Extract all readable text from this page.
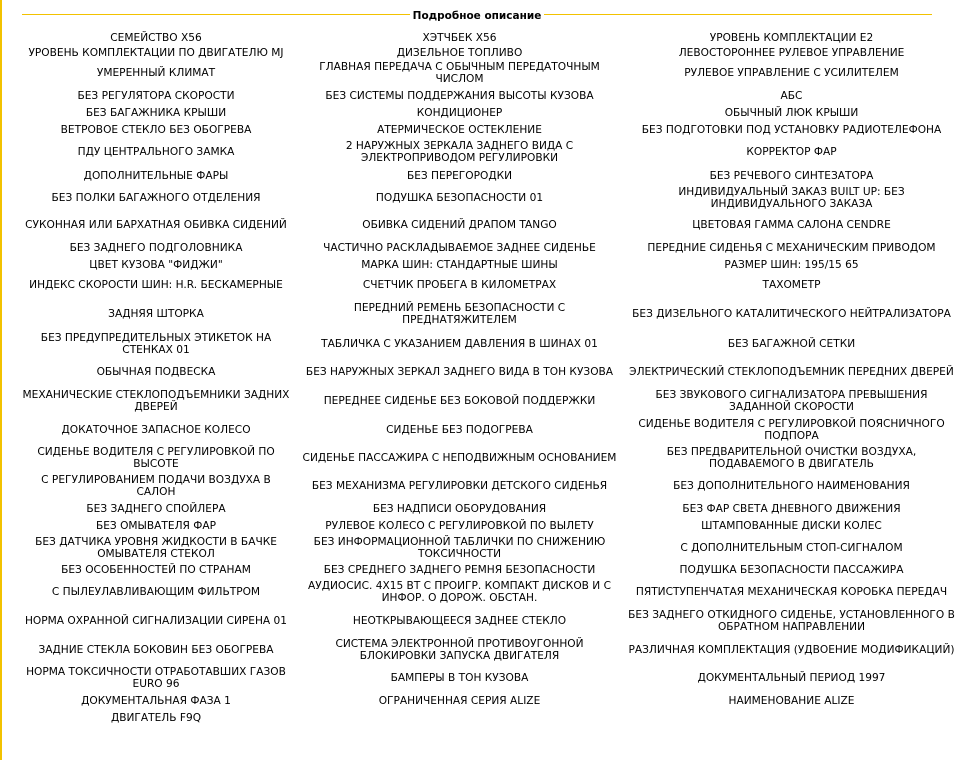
Подробное описание
СЕМЕЙСТВО X56	ХЭТЧБЕК X56	УРОВЕНЬ КОМПЛЕКТАЦИИ E2
УРОВЕНЬ КОМПЛЕКТАЦИИ ПО ДВИГАТЕЛЮ MJ	ДИЗЕЛЬНОЕ ТОПЛИВО	ЛЕВОСТОРОННЕЕ РУЛЕВОЕ УПРАВЛЕНИЕ
УМЕРЕННЫЙ КЛИМАТ	ГЛАВНАЯ ПЕРЕДАЧА С ОБЫЧНЫМ ПЕРЕДАТОЧНЫМ ЧИСЛОМ	РУЛЕВОЕ УПРАВЛЕНИЕ С УСИЛИТЕЛЕМ
БЕЗ РЕГУЛЯТОРА СКОРОСТИ	БЕЗ СИСТЕМЫ ПОДДЕРЖАНИЯ ВЫСОТЫ КУЗОВА	АБС
БЕЗ БАГАЖНИКА КРЫШИ	КОНДИЦИОНЕР	ОБЫЧНЫЙ ЛЮК КРЫШИ
ВЕТРОВОЕ СТЕКЛО БЕЗ ОБОГРЕВА	АТЕРМИЧЕСКОЕ ОСТЕКЛЕНИЕ	БЕЗ ПОДГОТОВКИ ПОД УСТАНОВКУ РАДИОТЕЛЕФОНА
ПДУ ЦЕНТРАЛЬНОГО ЗАМКА	2 НАРУЖНЫХ ЗЕРКАЛА ЗАДНЕГО ВИДА С ЭЛЕКТРОПРИВОДОМ РЕГУЛИРОВКИ	КОРРЕКТОР ФАР
ДОПОЛНИТЕЛЬНЫЕ ФАРЫ	БЕЗ ПЕРЕГОРОДКИ	БЕЗ РЕЧЕВОГО СИНТЕЗАТОРА
БЕЗ ПОЛКИ БАГАЖНОГО ОТДЕЛЕНИЯ	ПОДУШКА БЕЗОПАСНОСТИ 01	ИНДИВИДУАЛЬНЫЙ ЗАКАЗ BUILT UP: БЕЗ ИНДИВИДУАЛЬНОГО ЗАКАЗА
СУКОННАЯ ИЛИ БАРХАТНАЯ ОБИВКА СИДЕНИЙ	ОБИВКА СИДЕНИЙ ДРАПОМ TANGO	ЦВЕТОВАЯ ГАММА САЛОНА CENDRE
БЕЗ ЗАДНЕГО ПОДГОЛОВНИКА	ЧАСТИЧНО РАСКЛАДЫВАЕМОЕ ЗАДНЕЕ СИДЕНЬЕ	ПЕРЕДНИЕ СИДЕНЬЯ С МЕХАНИЧЕСКИМ ПРИВОДОМ
ЦВЕТ КУЗОВА "ФИДЖИ"	МАРКА ШИН: СТАНДАРТНЫЕ ШИНЫ	РАЗМЕР ШИН: 195/15 65
ИНДЕКС СКОРОСТИ ШИН: H.R. БЕСКАМЕРНЫЕ	СЧЕТЧИК ПРОБЕГА В КИЛОМЕТРАХ	ТАХОМЕТР
ЗАДНЯЯ ШТОРКА	ПЕРЕДНИЙ РЕМЕНЬ БЕЗОПАСНОСТИ С ПРЕДНАТЯЖИТЕЛЕМ	БЕЗ ДИЗЕЛЬНОГО КАТАЛИТИЧЕСКОГО НЕЙТРАЛИЗАТОРА
БЕЗ ПРЕДУПРЕДИТЕЛЬНЫХ ЭТИКЕТОК НА СТЕНКАХ 01	ТАБЛИЧКА С УКАЗАНИЕМ ДАВЛЕНИЯ В ШИНАХ 01	БЕЗ БАГАЖНОЙ СЕТКИ
ОБЫЧНАЯ ПОДВЕСКА	БЕЗ НАРУЖНЫХ ЗЕРКАЛ ЗАДНЕГО ВИДА В ТОН КУЗОВА	ЭЛЕКТРИЧЕСКИЙ СТЕКЛОПОДЪЕМНИК ПЕРЕДНИХ ДВЕРЕЙ
МЕХАНИЧЕСКИЕ СТЕКЛОПОДЪЕМНИКИ ЗАДНИХ ДВЕРЕЙ	ПЕРЕДНЕЕ СИДЕНЬЕ БЕЗ БОКОВОЙ ПОДДЕРЖКИ	БЕЗ ЗВУКОВОГО СИГНАЛИЗАТОРА ПРЕВЫШЕНИЯ ЗАДАННОЙ СКОРОСТИ
ДОКАТОЧНОЕ ЗАПАСНОЕ КОЛЕСО	СИДЕНЬЕ БЕЗ ПОДОГРЕВА	СИДЕНЬЕ ВОДИТЕЛЯ С РЕГУЛИРОВКОЙ ПОЯСНИЧНОГО ПОДПОРА
СИДЕНЬЕ ВОДИТЕЛЯ С РЕГУЛИРОВКОЙ ПО ВЫСОТЕ	СИДЕНЬЕ ПАССАЖИРА С НЕПОДВИЖНЫМ ОСНОВАНИЕМ	БЕЗ ПРЕДВАРИТЕЛЬНОЙ ОЧИСТКИ ВОЗДУХА, ПОДАВАЕМОГО В ДВИГАТЕЛЬ
С РЕГУЛИРОВАНИЕМ ПОДАЧИ ВОЗДУХА В САЛОН	БЕЗ МЕХАНИЗМА РЕГУЛИРОВКИ ДЕТСКОГО СИДЕНЬЯ	БЕЗ ДОПОЛНИТЕЛЬНОГО НАИМЕНОВАНИЯ
БЕЗ ЗАДНЕГО СПОЙЛЕРА	БЕЗ НАДПИСИ ОБОРУДОВАНИЯ	БЕЗ ФАР СВЕТА ДНЕВНОГО ДВИЖЕНИЯ
БЕЗ ОМЫВАТЕЛЯ ФАР	РУЛЕВОЕ КОЛЕСО С РЕГУЛИРОВКОЙ ПО ВЫЛЕТУ	ШТАМПОВАННЫЕ ДИСКИ КОЛЕС
БЕЗ ДАТЧИКА УРОВНЯ ЖИДКОСТИ В БАЧКЕ ОМЫВАТЕЛЯ СТЕКОЛ	БЕЗ ИНФОРМАЦИОННОЙ ТАБЛИЧКИ ПО СНИЖЕНИЮ ТОКСИЧНОСТИ	С ДОПОЛНИТЕЛЬНЫМ СТОП-СИГНАЛОМ
БЕЗ ОСОБЕННОСТЕЙ ПО СТРАНАМ	БЕЗ СРЕДНЕГО ЗАДНЕГО РЕМНЯ БЕЗОПАСНОСТИ	ПОДУШКА БЕЗОПАСНОСТИ ПАССАЖИРА
С ПЫЛЕУЛАВЛИВАЮЩИМ ФИЛЬТРОМ	АУДИОСИС. 4X15 ВТ С ПРОИГР. КОМПАКТ ДИСКОВ И С ИНФОР. О ДОРОЖ. ОБСТАН.	ПЯТИСТУПЕНЧАТАЯ МЕХАНИЧЕСКАЯ КОРОБКА ПЕРЕДАЧ
НОРМА ОХРАННОЙ СИГНАЛИЗАЦИИ СИРЕНА 01	НЕОТКРЫВАЮЩЕЕСЯ ЗАДНЕЕ СТЕКЛО	БЕЗ ЗАДНЕГО ОТКИДНОГО СИДЕНЬЕ, УСТАНОВЛЕННОГО В ОБРАТНОМ НАПРАВЛЕНИИ
ЗАДНИЕ СТЕКЛА БОКОВИН БЕЗ ОБОГРЕВА	СИСТЕМА ЭЛЕКТРОННОЙ ПРОТИВОУГОННОЙ БЛОКИРОВКИ ЗАПУСКА ДВИГАТЕЛЯ	РАЗЛИЧНАЯ КОМПЛЕКТАЦИЯ (УДВОЕНИЕ МОДИФИКАЦИЙ)
НОРМА ТОКСИЧНОСТИ ОТРАБОТАВШИХ ГАЗОВ EURO 96	БАМПЕРЫ В ТОН КУЗОВА	ДОКУМЕНТАЛЬНЫЙ ПЕРИОД 1997
ДОКУМЕНТАЛЬНАЯ ФАЗА 1	ОГРАНИЧЕННАЯ СЕРИЯ ALIZE	НАИМЕНОВАНИЕ ALIZE
ДВИГАТЕЛЬ F9Q		
